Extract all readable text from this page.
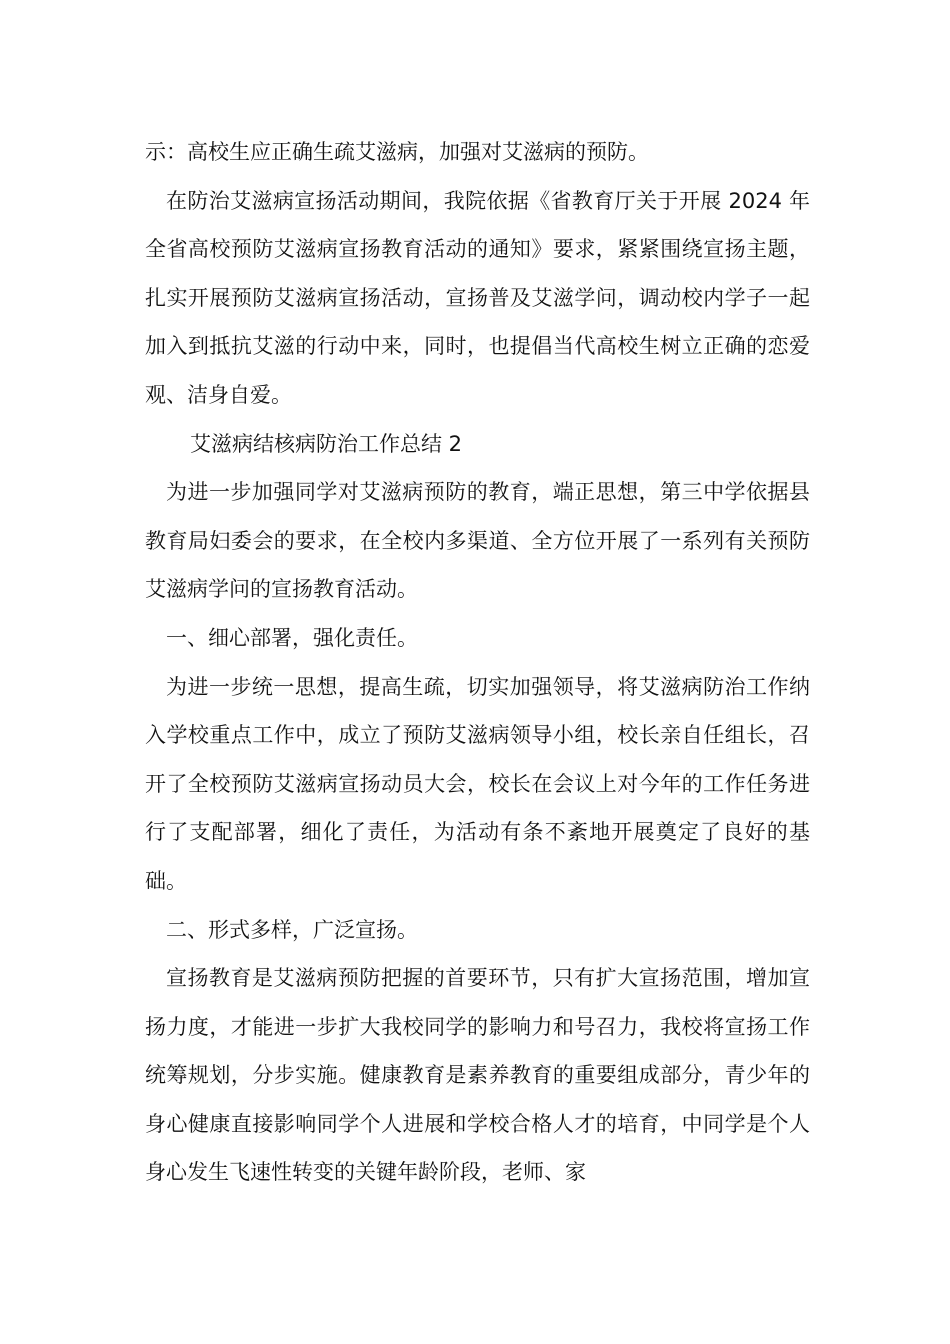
示：高校生应正确生疏艾滋病，加强对艾滋病的预防。

在防治艾滋病宣扬活动期间，我院依据《省教育厅关于开展 2024 年全省高校预防艾滋病宣扬教育活动的通知》要求，紧紧围绕宣扬主题，扎实开展预防艾滋病宣扬活动，宣扬普及艾滋学问，调动校内学子一起加入到抵抗艾滋的行动中来，同时，也提倡当代高校生树立正确的恋爱观、洁身自爱。

艾滋病结核病防治工作总结 2

为进一步加强同学对艾滋病预防的教育，端正思想，第三中学依据县教育局妇委会的要求，在全校内多渠道、全方位开展了一系列有关预防艾滋病学问的宣扬教育活动。

一、细心部署，强化责任。

为进一步统一思想，提高生疏，切实加强领导，将艾滋病防治工作纳入学校重点工作中，成立了预防艾滋病领导小组，校长亲自任组长，召开了全校预防艾滋病宣扬动员大会，校长在会议上对今年的工作任务进行了支配部署，细化了责任，为活动有条不紊地开展奠定了良好的基础。

二、形式多样，广泛宣扬。

宣扬教育是艾滋病预防把握的首要环节，只有扩大宣扬范围，增加宣扬力度，才能进一步扩大我校同学的影响力和号召力，我校将宣扬工作统筹规划，分步实施。健康教育是素养教育的重要组成部分，青少年的身心健康直接影响同学个人进展和学校合格人才的培育，中同学是个人身心发生飞速性转变的关键年龄阶段，老师、家
